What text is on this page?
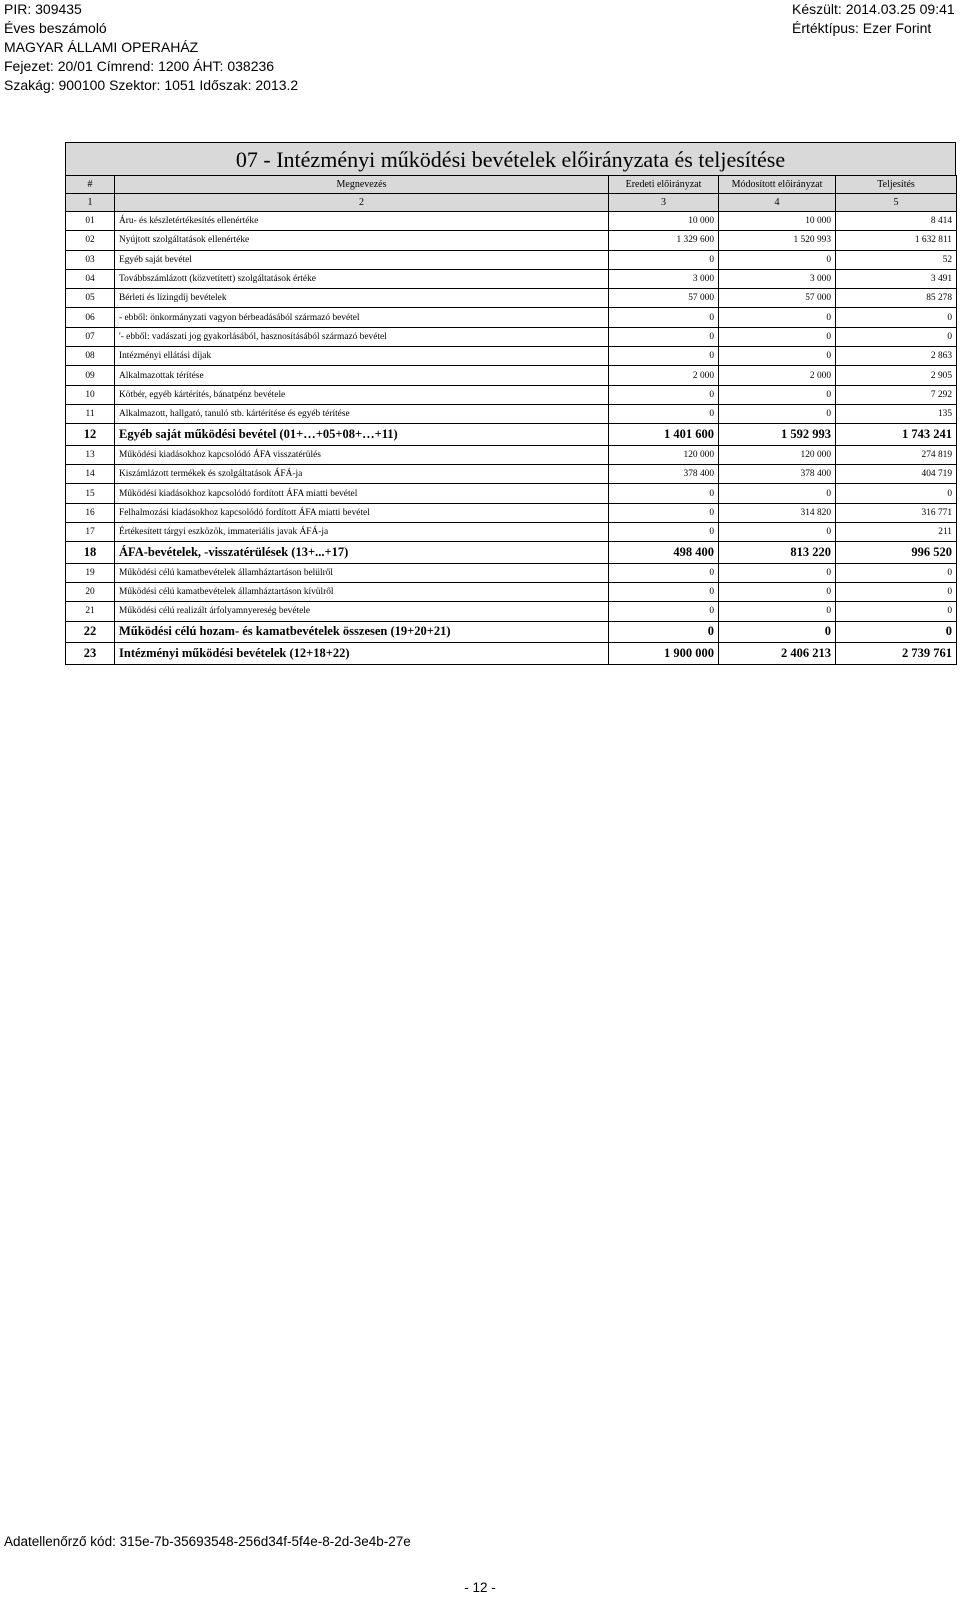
PIR: 309435
Éves beszámoló
MAGYAR ÁLLAMI OPERAHÁZ
Fejezet: 20/01 Címrend: 1200 ÁHT: 038236
Szakág: 900100 Szektor: 1051 Időszak: 2013.2
Készült: 2014.03.25 09:41
Értéktípus: Ezer Forint
07 - Intézményi működési bevételek előirányzata és teljesítése
#	Megnevezés	Eredeti előirányzat	Módosított előirányzat	Teljesítés
1	2	3	4	5
01	Áru- és készletértékesítés ellenértéke	10 000	10 000	8 414
02	Nyújtott szolgáltatások ellenértéke	1 329 600	1 520 993	1 632 811
03	Egyéb saját bevétel	0	0	52
04	Továbbszámlázott (közvetített) szolgáltatások értéke	3 000	3 000	3 491
05	Bérleti és lízingdíj bevételek	57 000	57 000	85 278
06	- ebből: önkormányzati vagyon bérbeadásából származó bevétel	0	0	0
07	'- ebből: vadászati jog gyakorlásából, hasznosításából származó bevétel	0	0	0
08	Intézményi ellátási díjak	0	0	2 863
09	Alkalmazottak térítése	2 000	2 000	2 905
10	Kötbér, egyéb kártérítés, bánatpénz bevétele	0	0	7 292
11	Alkalmazott, hallgató, tanuló stb. kártérítése és egyéb térítése	0	0	135
12	Egyéb saját működési bevétel (01+…+05+08+…+11)	1 401 600	1 592 993	1 743 241
13	Működési kiadásokhoz kapcsolódó ÁFA visszatérülés	120 000	120 000	274 819
14	Kiszámlázott termékek és szolgáltatások ÁFÁ-ja	378 400	378 400	404 719
15	Működési kiadásokhoz kapcsolódó fordított ÁFA miatti bevétel	0	0	0
16	Felhalmozási kiadásokhoz kapcsolódó fordított ÁFA miatti bevétel	0	314 820	316 771
17	Értékesített tárgyi eszközök, immateriális javak ÁFÁ-ja	0	0	211
18	ÁFA-bevételek, -visszatérülések (13+...+17)	498 400	813 220	996 520
19	Működési célú kamatbevételek államháztartáson belülről	0	0	0
20	Működési célú kamatbevételek államháztartáson kívülről	0	0	0
21	Működési célú realizált árfolyamnyereség bevétele	0	0	0
22	Működési célú hozam- és kamatbevételek összesen (19+20+21)	0	0	0
23	Intézményi működési bevételek (12+18+22)	1 900 000	2 406 213	2 739 761
Adatellenőrző kód: 315e-7b-35693548-256d34f-5f4e-8-2d-3e4b-27e
- 12 -
